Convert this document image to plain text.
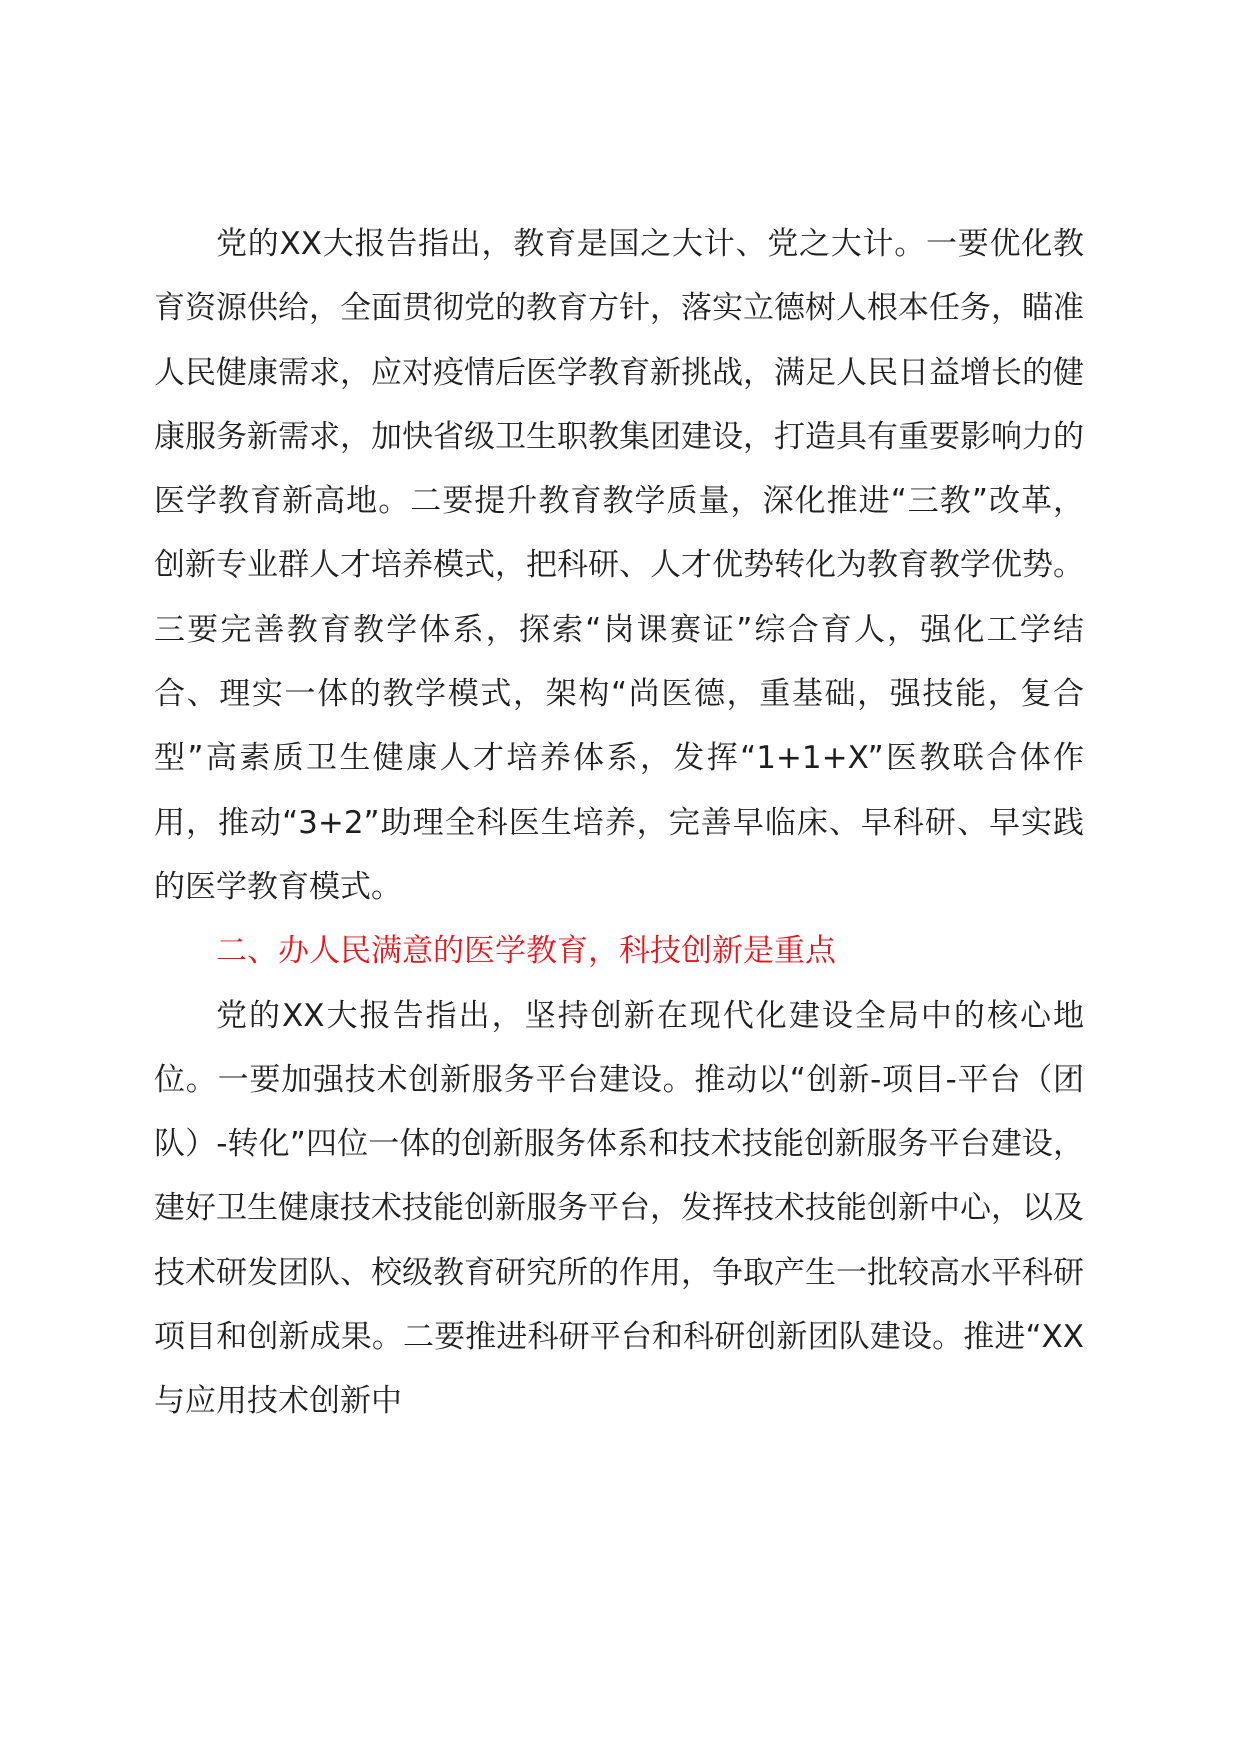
党的XX大报告指出，教育是国之大计、党之大计。一要优化教育资源供给，全面贯彻党的教育方针，落实立德树人根本任务，瞄准人民健康需求，应对疫情后医学教育新挑战，满足人民日益增长的健康服务新需求，加快省级卫生职教集团建设，打造具有重要影响力的医学教育新高地。二要提升教育教学质量，深化推进“三教”改革，创新专业群人才培养模式，把科研、人才优势转化为教育教学优势。三要完善教育教学体系，探索“岗课赛证”综合育人，强化工学结合、理实一体的教学模式，架构“尚医德，重基础，强技能，复合型”高素质卫生健康人才培养体系，发挥“1+1+X”医教联合体作用，推动“3+2”助理全科医生培养，完善早临床、早科研、早实践的医学教育模式。

二、办人民满意的医学教育，科技创新是重点

党的XX大报告指出，坚持创新在现代化建设全局中的核心地位。一要加强技术创新服务平台建设。推动以“创新-项目-平台（团队）-转化”四位一体的创新服务体系和技术技能创新服务平台建设，建好卫生健康技术技能创新服务平台，发挥技术技能创新中心，以及技术研发团队、校级教育研究所的作用，争取产生一批较高水平科研项目和创新成果。二要推进科研平台和科研创新团队建设。推进“XX与应用技术创新中
